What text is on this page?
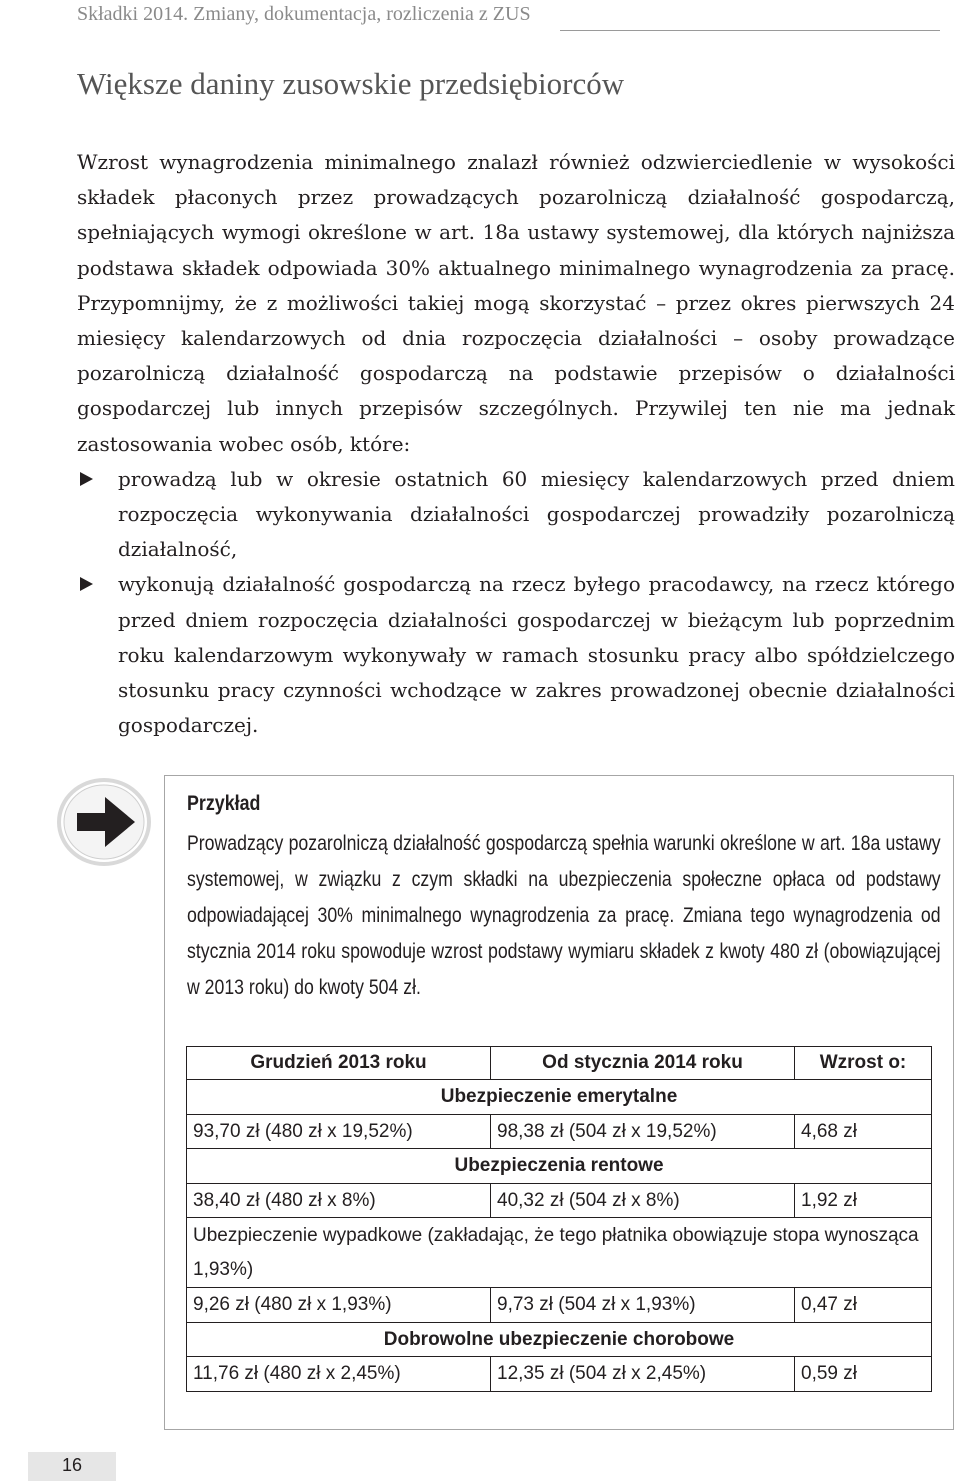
Składki 2014. Zmiany, dokumentacja, rozliczenia z ZUS
Większe daniny zusowskie przedsiębiorców

Wzrost wynagrodzenia minimalnego znalazł również odzwierciedlenie w wysokości składek płaconych przez prowadzących pozarolniczą działalność gospodarczą, spełniających wymogi określone w art. 18a ustawy systemowej, dla których najniższa podstawa składek odpowiada 30% aktualnego minimalnego wynagrodzenia za pracę. Przypomnijmy, że z możliwości takiej mogą skorzystać – przez okres pierwszych 24 miesięcy kalendarzowych od dnia rozpoczęcia działalności – osoby prowadzące pozarolniczą działalność gospodarczą na podstawie przepisów o działalności gospodarczej lub innych przepisów szczególnych. Przywilej ten nie ma jednak zastosowania wobec osób, które:

prowadzą lub w okresie ostatnich 60 miesięcy kalendarzowych przed dniem rozpoczęcia wykonywania działalności gospodarczej prowadziły pozarolniczą działalność,
wykonują działalność gospodarczą na rzecz byłego pracodawcy, na rzecz którego przed dniem rozpoczęcia działalności gospodarczej w bieżącym lub poprzednim roku kalendarzowym wykonywały w ramach stosunku pracy albo spółdzielczego stosunku pracy czynności wchodzące w zakres prowadzonej obecnie działalności gospodarczej.
Przykład
Prowadzący pozarolniczą działalność gospodarczą spełnia warunki określone w art. 18a ustawy systemowej, w związku z czym składki na ubezpieczenia społeczne opłaca od podstawy odpowiadającej 30% minimalnego wynagrodzenia za pracę. Zmiana tego wynagrodzenia od stycznia 2014 roku spowoduje wzrost podstawy wymiaru składek z kwoty 480 zł (obowiązującej w 2013 roku) do kwoty 504 zł.
Grudzień 2013 roku	Od stycznia 2014 roku	Wzrost o:
Ubezpieczenie emerytalne		
93,70 zł (480 zł x 19,52%)	98,38 zł (504 zł x 19,52%)	4,68 zł
Ubezpieczenia rentowe		
38,40 zł (480 zł x 8%)	40,32 zł (504 zł x 8%)	1,92 zł
Ubezpieczenie wypadkowe (zakładając, że tego płatnika obowiązuje stopa wynosząca 1,93%)		
9,26 zł (480 zł x 1,93%)	9,73 zł (504 zł x 1,93%)	0,47 zł
Dobrowolne ubezpieczenie chorobowe		
11,76 zł (480 zł x 2,45%)	12,35 zł (504 zł x 2,45%)	0,59 zł
16
